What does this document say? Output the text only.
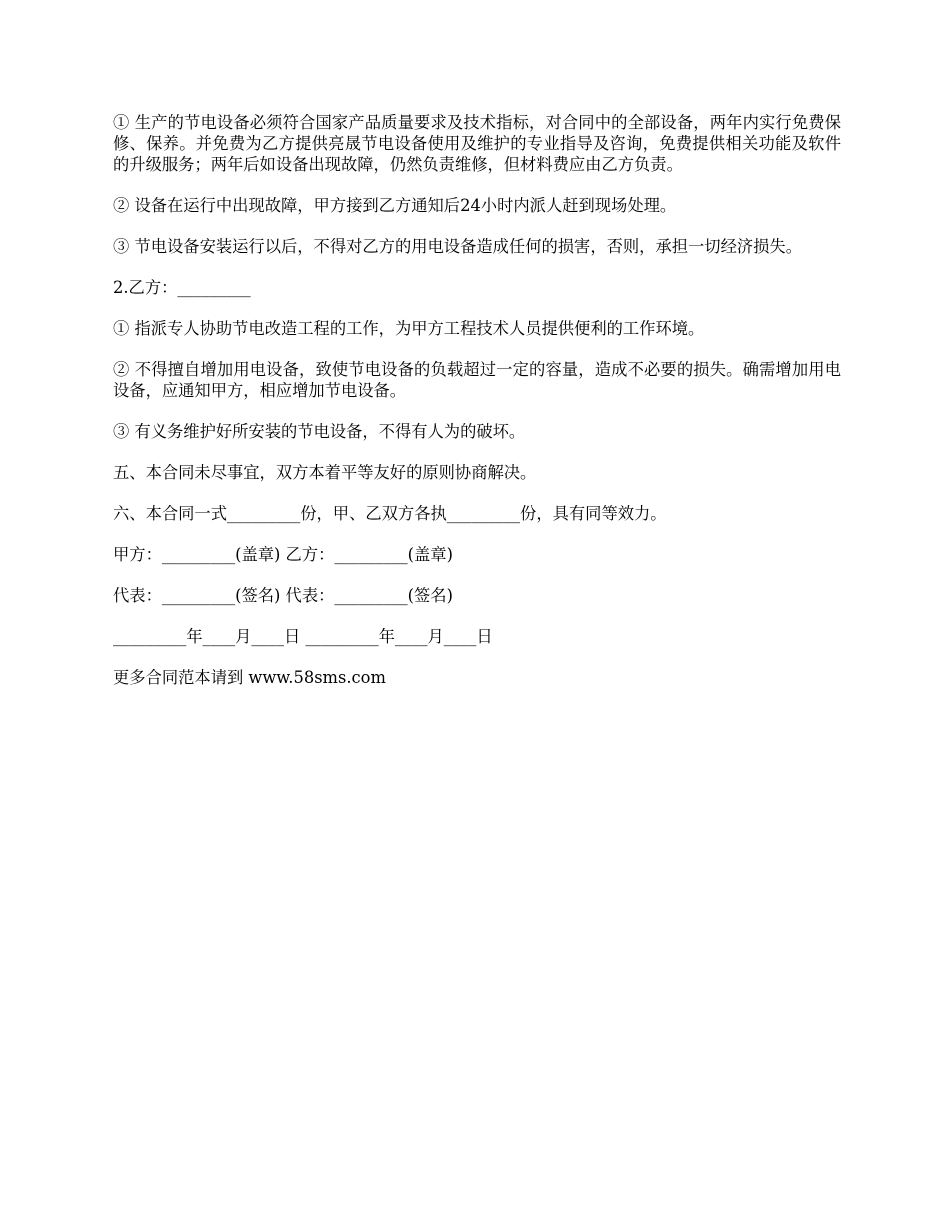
① 生产的节电设备必须符合国家产品质量要求及技术指标，对合同中的全部设备，两年内实行免费保修、保养。并免费为乙方提供亮晟节电设备使用及维护的专业指导及咨询，免费提供相关功能及软件的升级服务；两年后如设备出现故障，仍然负责维修，但材料费应由乙方负责。

② 设备在运行中出现故障，甲方接到乙方通知后24小时内派人赶到现场处理。

③ 节电设备安装运行以后，不得对乙方的用电设备造成任何的损害，否则，承担一切经济损失。

2.乙方：_________

① 指派专人协助节电改造工程的工作，为甲方工程技术人员提供便利的工作环境。

② 不得擅自增加用电设备，致使节电设备的负载超过一定的容量，造成不必要的损失。确需增加用电设备，应通知甲方，相应增加节电设备。

③ 有义务维护好所安装的节电设备，不得有人为的破坏。

五、本合同未尽事宜，双方本着平等友好的原则协商解决。

六、本合同一式_________份，甲、乙双方各执_________份，具有同等效力。

甲方：_________(盖章) 乙方：_________(盖章)

代表：_________(签名) 代表：_________(签名)

_________年____月____日 _________年____月____日

更多合同范本请到 www.58sms.com
